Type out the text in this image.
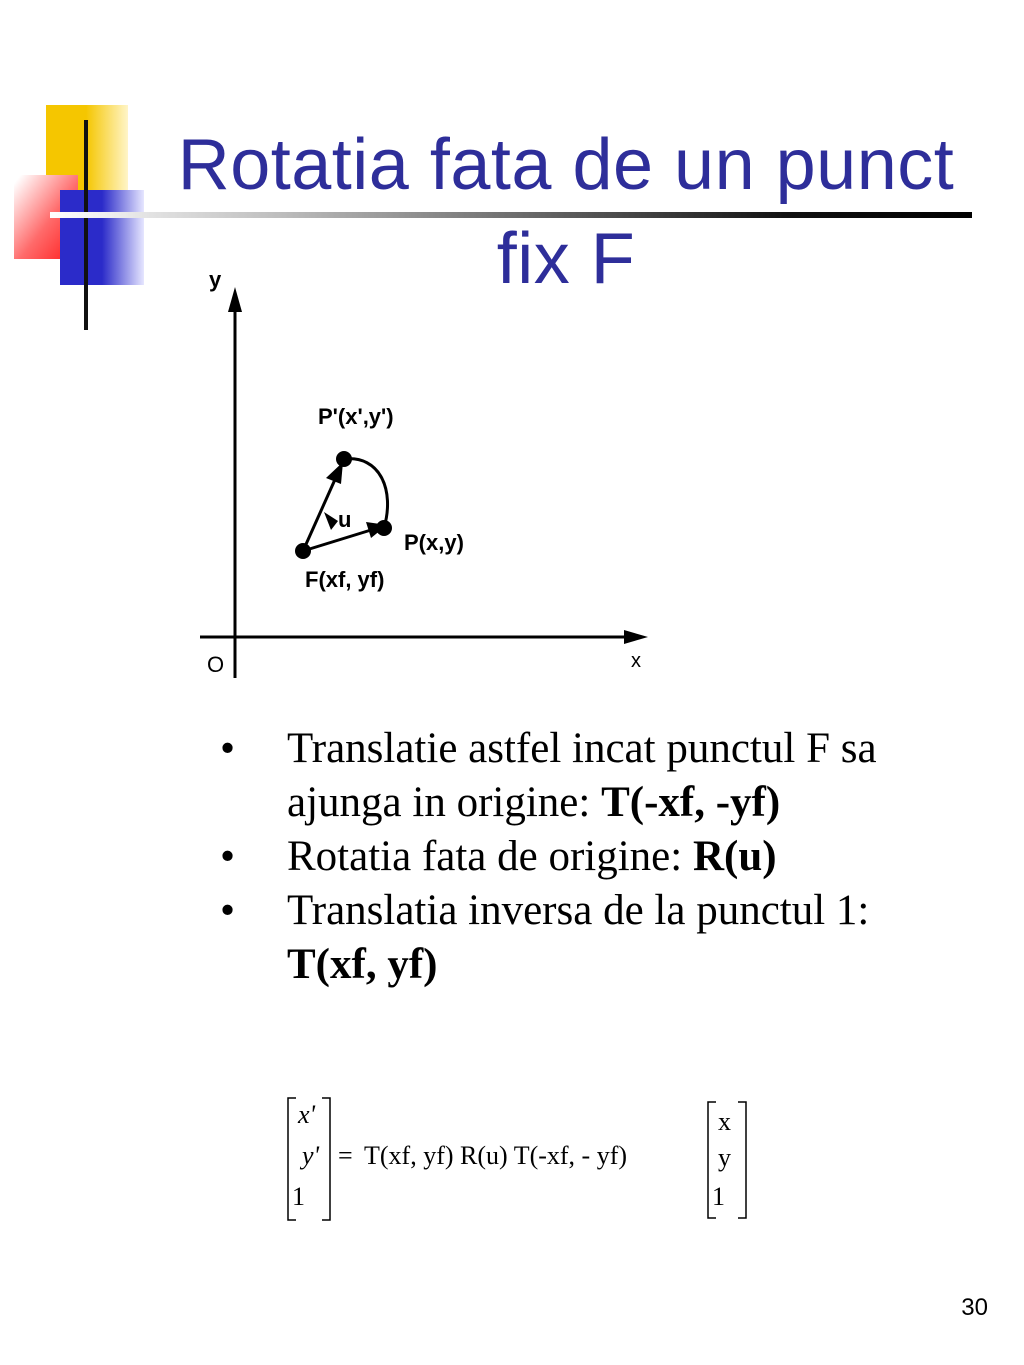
Rotatia fata de un punct
fix F
y
x
O
P'(x',y')
P(x,y)
F(xf, yf)
u
• Translatie astfel incat punctul F sa ajunga in origine: T(-xf, -yf)
• Rotatia fata de origine: R(u)
• Translatia inversa de la punctul 1: T(xf, yf)
x'
y'
1
= T(xf, yf) R(u) T(-xf, - yf)
x
y
1
30
